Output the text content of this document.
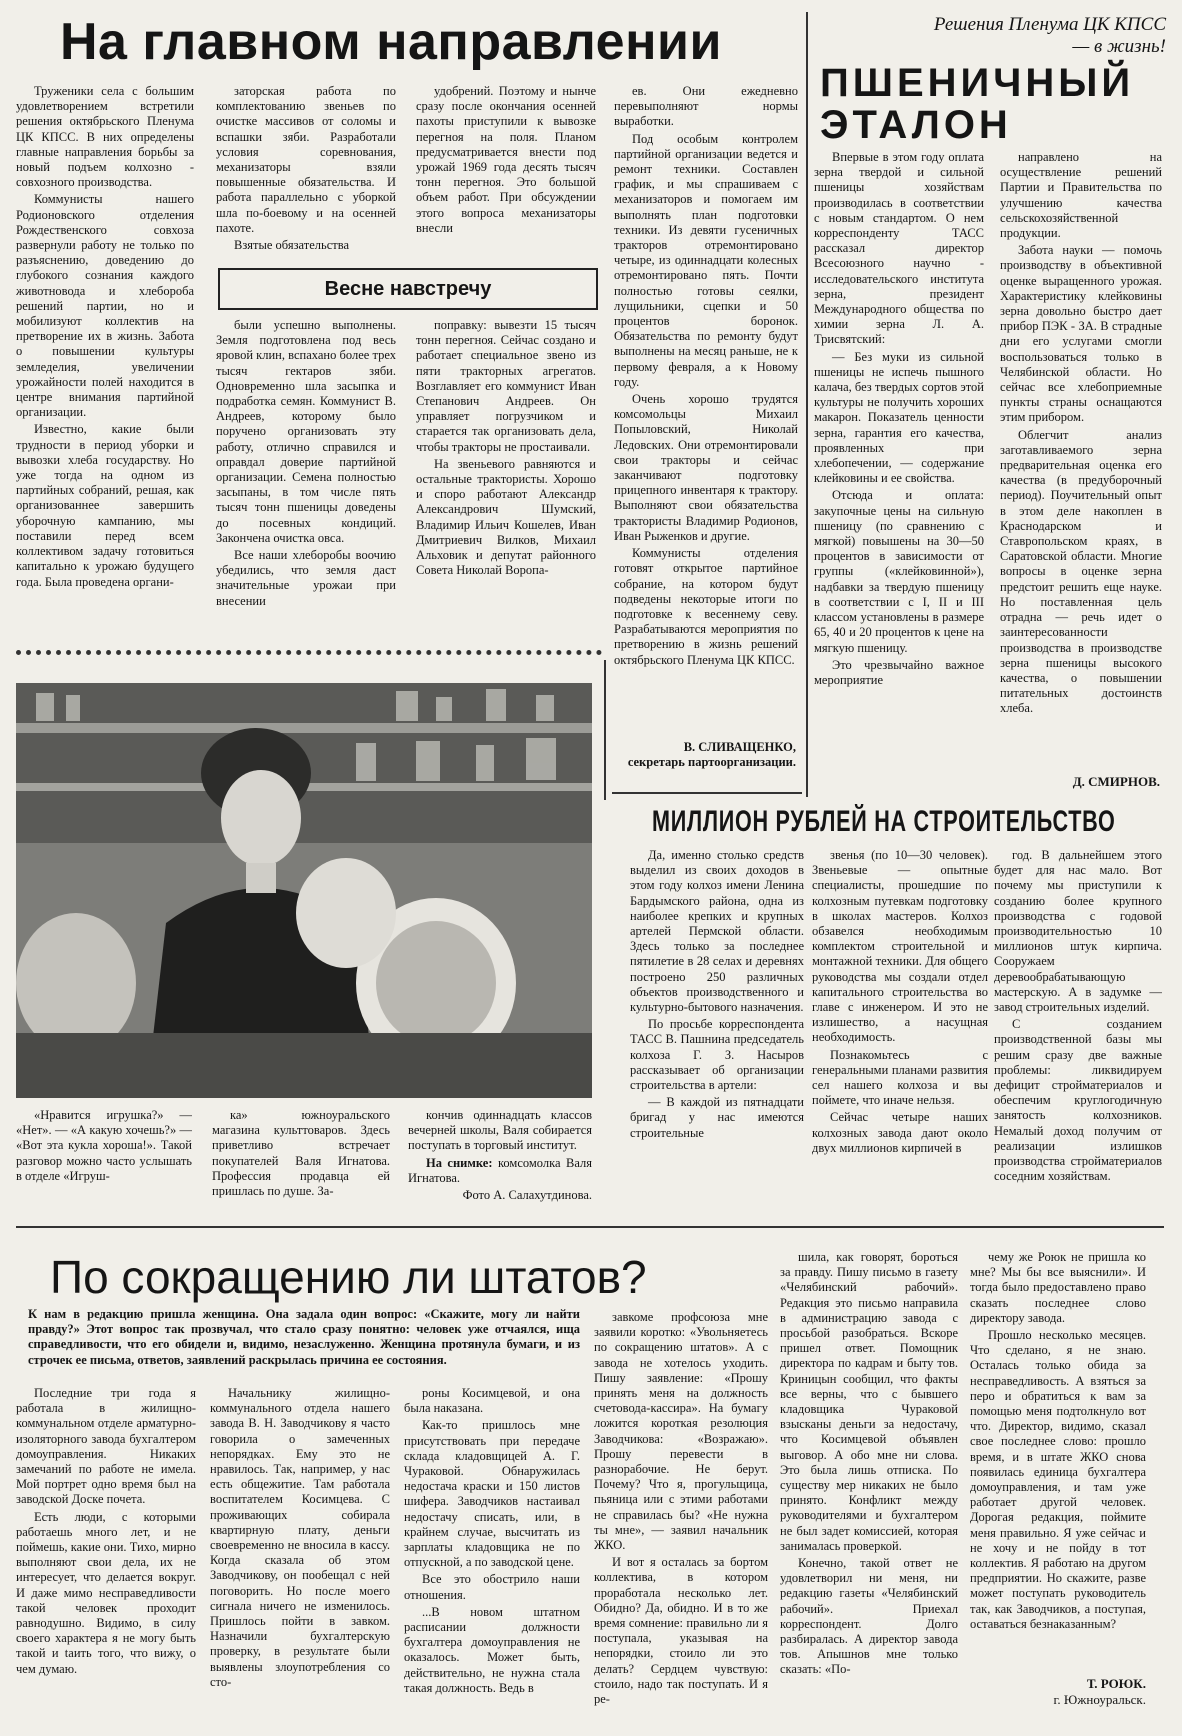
На главном направлении	Решения Пленума ЦК КПСС
— в жизнь!

Труженики села с большим удовлетворением встретили решения октябрьского Пленума ЦК КПСС. В них определены главные направления борьбы за новый подъем колхозно - совхозного производства.

Коммунисты нашего Родионовского отделения Рождественского совхоза развернули работу не только по разъяснению, доведению до глубокого сознания каждого животновода и хлебороба решений партии, но и мобилизуют коллектив на претворение их в жизнь. Забота о повышении культуры земледелия, увеличении урожайности полей находится в центре внимания партийной организации.

Известно, какие были трудности в период уборки и вывозки хлеба государству. Но уже тогда на одном из партийных собраний, решая, как организованнее завершить уборочную кампанию, мы поставили перед всем коллективом задачу готовиться капитально к урожаю будущего года. Была проведена органи-

заторская работа по комплектованию звеньев по очистке массивов от соломы и вспашки зяби. Разработали условия соревнования, механизаторы взяли повышенные обязательства. И работа параллельно с уборкой шла по-боевому и на осенней пахоте.

Взятые обязательства

удобрений. Поэтому и нынче сразу после окончания осенней пахоты приступили к вывозке перегноя на поля. Планом предусматривается внести под урожай 1969 года десять тысяч тонн перегноя. Это большой объем работ. При обсуждении этого вопроса механизаторы внесли

Весне навстречу

были успешно выполнены. Земля подготовлена под весь яровой клин, вспахано более трех тысяч гектаров зяби. Одновременно шла засыпка и подработка семян. Коммунист В. Андреев, которому было поручено организовать эту работу, отлично справился и оправдал доверие партийной организации. Семена полностью засыпаны, в том числе пять тысяч тонн пшеницы доведены до посевных кондиций. Закончена очистка овса.

Все наши хлеборобы воочию убедились, что земля даст значительные урожаи при внесении

поправку: вывезти 15 тысяч тонн перегноя. Сейчас создано и работает специальное звено из пяти тракторных агрегатов. Возглавляет его коммунист Иван Степанович Андреев. Он управляет погрузчиком и старается так организовать дела, чтобы тракторы не простаивали.

На звеньевого равняются и остальные трактористы. Хорошо и споро работают Александр Александрович Шумский, Владимир Ильич Кошелев, Иван Дмитриевич Вилков, Михаил Альховик и депутат районного Совета Николай Воропа-

ев. Они ежедневно перевыполняют нормы выработки.

Под особым контролем партийной организации ведется и ремонт техники. Составлен график, и мы спрашиваем с механизаторов и помогаем им выполнять план подготовки техники. Из девяти гусеничных тракторов отремонтировано четыре, из одиннадцати колесных отремонтировано пять. Почти полностью готовы сеялки, лущильники, сцепки и 50 процентов боронок. Обязательства по ремонту будут выполнены на месяц раньше, не к первому февраля, а к Новому году.

Очень хорошо трудятся комсомольцы Михаил Попыловский, Николай Ледовских. Они отремонтировали свои тракторы и сейчас заканчивают подготовку прицепного инвентаря к трактору. Выполняют свои обязательства трактористы Владимир Родионов, Иван Рыженков и другие.

Коммунисты отделения готовят открытое партийное собрание, на котором будут подведены некоторые итоги по подготовке к весеннему севу. Разрабатываются мероприятия по претворению в жизнь решений октябрьского Пленума ЦК КПСС.

В. СЛИВАЩЕНКО,
секретарь партоорганизации.
ПШЕНИЧНЫЙ ЭТАЛОН

Впервые в этом году оплата зерна твердой и сильной пшеницы хозяйствам производилась в соответствии с новым стандартом. О нем корреспонденту ТАСС рассказал директор Всесоюзного научно - исследовательского института зерна, президент Международного общества по химии зерна Л. А. Трисвятский:

— Без муки из сильной пшеницы не испечь пышного калача, без твердых сортов этой культуры не получить хороших макарон. Показатель ценности зерна, гарантия его качества, проявленных при хлебопечении, — содержание клейковины и ее свойства.

Отсюда и оплата: закупочные цены на сильную пшеницу (по сравнению с мягкой) повышены на 30—50 процентов в зависимости от группы («клейковинной»), надбавки за твердую пшеницу в соответствии с I, II и III классом установлены в размере 65, 40 и 20 процентов к цене на мягкую пшеницу.

Это чрезвычайно важное мероприятие

направлено на осуществление решений Партии и Правительства по улучшению качества сельскохозяйственной продукции.

Забота науки — помочь производству в объективной оценке выращенного урожая. Характеристику клейковины зерна довольно быстро дает прибор ПЭК - ЗА. В страдные дни его услугами смогли воспользоваться только в Челябинской области. Но сейчас все хлебоприемные пункты страны оснащаются этим прибором.

Облегчит анализ заготавливаемого зерна предварительная оценка его качества (в предуборочный период). Поучительный опыт в этом деле накоплен в Краснодарском и Ставропольском краях, в Саратовской области. Многие вопросы в оценке зерна предстоит решить еще науке. Но поставленная цель отрадна — речь идет о заинтересованности производства в производстве зерна пшеницы высокого качества, о повышении питательных достоинств хлеба.

Д. СМИРНОВ.
МИЛЛИОН РУБЛЕЙ НА СТРОИТЕЛЬСТВО

Да, именно столько средств выделил из своих доходов в этом году колхоз имени Ленина Бардымского района, одна из наиболее крепких и крупных артелей Пермской области. Здесь только за последнее пятилетие в 28 селах и деревнях построено 250 различных объектов производственного и культурно-бытового назначения.

По просьбе корреспондента ТАСС В. Пашнина председатель колхоза Г. З. Насыров рассказывает об организации строительства в артели:

— В каждой из пятнадцати бригад у нас имеются строительные

звенья (по 10—30 человек). Звеньевые — опытные специалисты, прошедшие по колхозным путевкам подготовку в школах мастеров. Колхоз обзавелся необходимым комплектом строительной и монтажной техники. Для общего руководства мы создали отдел капитального строительства во главе с инженером. И это не излишество, а насущная необходимость.

Познакомьтесь с генеральными планами развития сел нашего колхоза и вы поймете, что иначе нельзя.

Сейчас четыре наших колхозных завода дают около двух миллионов кирпичей в

год. В дальнейшем этого будет для нас мало. Вот почему мы приступили к созданию более крупного производства с годовой производительностью 10 миллионов штук кирпича. Сооружаем деревообрабатывающую мастерскую. А в задумке — завод строительных изделий.

С созданием производственной базы мы решим сразу две важные проблемы: ликвидируем дефицит стройматериалов и обеспечим круглогодичную занятость колхозников. Немалый доход получим от реализации излишков производства стройматериалов соседним хозяйствам.

«Нравится игрушка?» — «Нет». — «А какую хочешь?» — «Вот эта кукла хороша!». Такой разговор можно часто услышать в отделе «Игруш-

ка» южноуральского магазина культтоваров. Здесь приветливо встречает покупателей Валя Игнатова. Профессия продавца ей пришлась по душе. За-

кончив одиннадцать классов вечерней школы, Валя собирается поступать в торговый институт.

На снимке: комсомолка Валя Игнатова.

Фото А. Салахутдинова.

По сокращению ли штатов?
К нам в редакцию пришла женщина. Она задала один вопрос: «Скажите, могу ли найти правду?» Этот вопрос так прозвучал, что стало сразу понятно: человек уже отчаялся, ища справедливости, что его обидели и, видимо, незаслуженно. Женщина протянула бумаги, и из строчек ее письма, ответов, заявлений раскрылась причина ее состояния.

Последние три года я работала в жилищно-коммунальном отделе арматурно-изоляторного завода бухгалтером домоуправления. Никаких замечаний по работе не имела. Мой портрет одно время был на заводской Доске почета.

Есть люди, с которыми работаешь много лет, и не поймешь, какие они. Тихо, мирно выполняют свои дела, их не интересует, что делается вокруг. И даже мимо несправедливости такой человек проходит равнодушно. Видимо, в силу своего характера я не могу быть такой и taить того, что вижу, о чем думаю.

Начальнику жилищно-коммунального отдела нашего завода В. Н. Заводчикову я часто говорила о замеченных непорядках. Ему это не нравилось. Так, например, у нас есть общежитие. Там работала воспитателем Косимцева. С проживающих собирала квартирную плату, деньги своевременно не вносила в кассу. Когда сказала об этом Заводчикову, он пообещал с ней поговорить. Но после моего сигнала ничего не изменилось. Пришлось пойти в завком. Назначили бухгалтерскую проверку, в результате были выявлены злоупотребления со сто-

роны Косимцевой, и она была наказана.

Как-то пришлось мне присутствовать при передаче склада кладовщицей А. Г. Чураковой. Обнаружилась недостача краски и 150 листов шифера. Заводчиков настаивал недостачу списать, или, в крайнем случае, высчитать из зарплаты кладовщика не по отпускной, а по заводской цене.

Все это обострило наши отношения.

...В новом штатном расписании должности бухгалтера домоуправления не оказалось. Может быть, действительно, не нужна стала такая должность. Ведь в

завкоме профсоюза мне заявили коротко: «Увольняетесь по сокращению штатов». А с завода не хотелось уходить. Пишу заявление: «Прошу принять меня на должность счетовода-кассира». На бумагу ложится короткая резолюция Заводчикова: «Возражаю». Прошу перевести в разнорабочие. Не берут. Почему? Что я, прогульщица, пьяница или с этими работами не справилась бы? «Не нужна ты мне», — заявил начальник ЖКО.

И вот я осталась за бортом коллектива, в котором проработала несколько лет. Обидно? Да, обидно. И в то же время сомнение: правильно ли я поступала, указывая на непорядки, стоило ли это делать? Сердцем чувствую: стоило, надо так поступать. И я ре-

шила, как говорят, бороться за правду. Пишу письмо в газету «Челябинский рабочий». Редакция это письмо направила в администрацию завода с просьбой разобраться. Вскоре пришел ответ. Помощник директора по кадрам и быту тов. Криницын сообщил, что факты все верны, что с бывшего кладовщика Чураковой взысканы деньги за недостачу, что Косимцевой объявлен выговор. А обо мне ни слова. Это была лишь отписка. По существу мер никаких не было принято. Конфликт между руководителями и бухгалтером не был задет комиссией, которая занималась проверкой.

Конечно, такой ответ не удовлетворил ни меня, ни редакцию газеты «Челябинский рабочий». Приехал корреспондент. Долго разбиралась. А директор завода тов. Апышнов мне только сказать: «По-

чему же Роюк не пришла ко мне? Мы бы все выяснили». И тогда было предоставлено право сказать последнее слово директору завода.

Прошло несколько месяцев. Что сделано, я не знаю. Осталась только обида за несправедливость. А взяться за перо и обратиться к вам за помощью меня подтолкнуло вот что. Директор, видимо, сказал свое последнее слово: прошло время, и в штате ЖКО снова появилась единица бухгалтера домоуправления, и там уже работает другой человек. Дорогая редакция, поймите меня правильно. Я уже сейчас и не хочу и не пойду в тот коллектив. Я работаю на другом предприятии. Но скажите, разве может поступать руководитель так, как Заводчиков, а поступая, оставаться безнаказанным?

Т. РОЮК.
г. Южноуральск.
